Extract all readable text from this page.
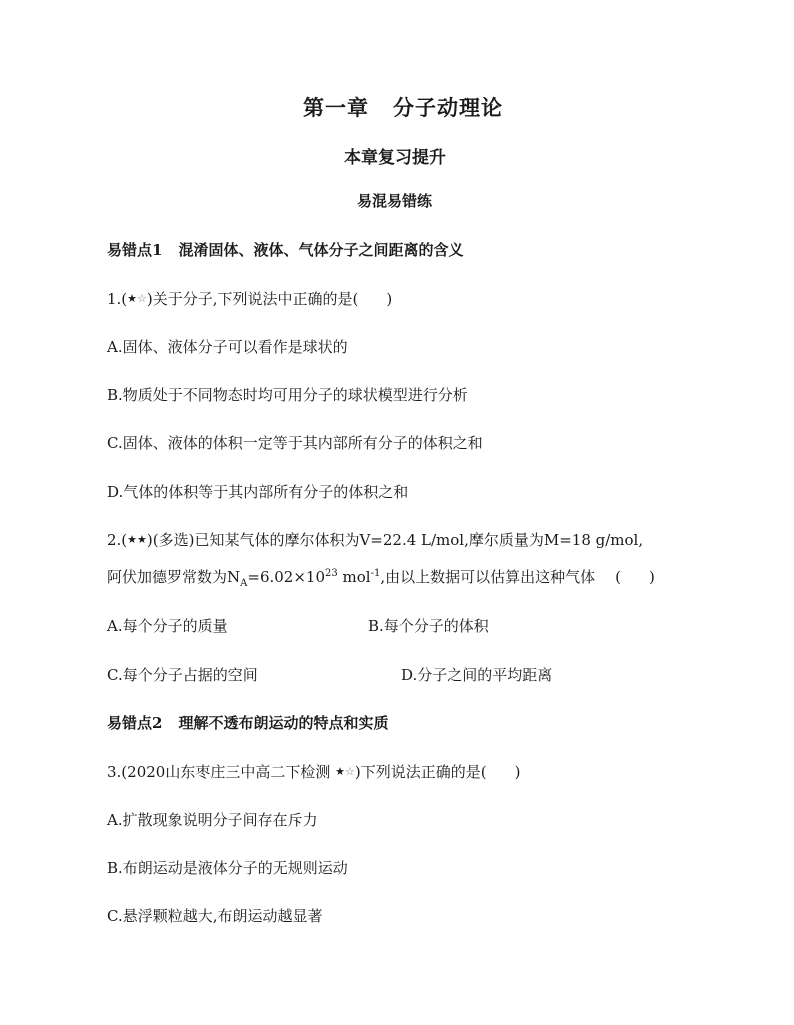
第一章 分子动理论
本章复习提升
易混易错练
易错点1 混淆固体、液体、气体分子之间距离的含义
1.(★☆)关于分子,下列说法中正确的是( )
A.固体、液体分子可以看作是球状的
B.物质处于不同物态时均可用分子的球状模型进行分析
C.固体、液体的体积一定等于其内部所有分子的体积之和
D.气体的体积等于其内部所有分子的体积之和
2.(★★)(多选)已知某气体的摩尔体积为V=22.4 L/mol,摩尔质量为M=18 g/mol,
阿伏加德罗常数为$N_A=6.02\times 10^{23}$ mol$^{-1}$,由以上数据可以估算出这种气体 ( )
A.每个分子的质量	B.每个分子的体积
C.每个分子占据的空间	D.分子之间的平均距离
易错点2 理解不透布朗运动的特点和实质
3.(2020山东枣庄三中高二下检测 ★☆)下列说法正确的是( )
A.扩散现象说明分子间存在斥力
B.布朗运动是液体分子的无规则运动
C.悬浮颗粒越大,布朗运动越显著
